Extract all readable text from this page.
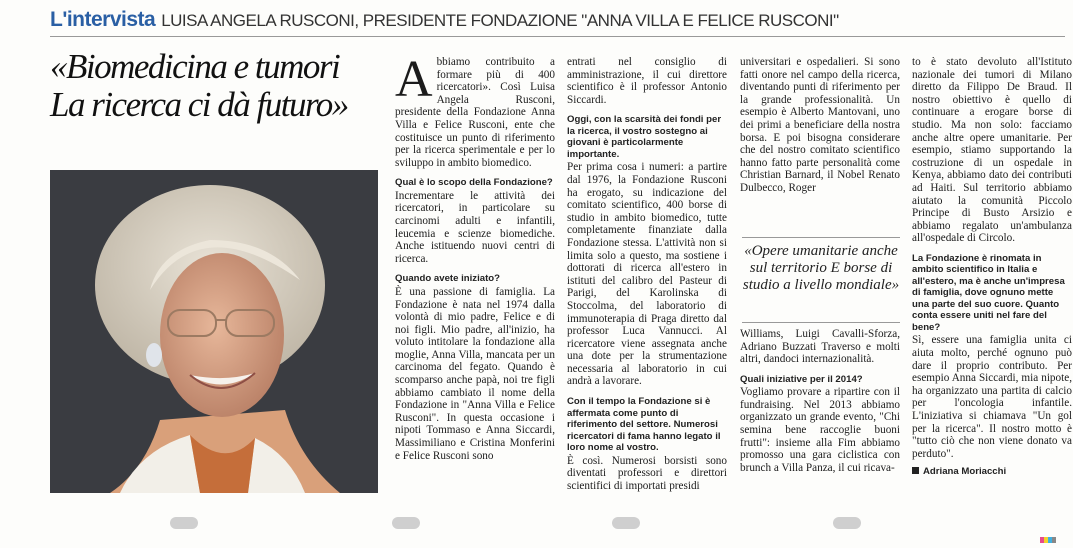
L'intervista LUISA ANGELA RUSCONI, PRESIDENTE FONDAZIONE "ANNA VILLA E FELICE RUSCONI"
«Biomedicina e tumori
La ricerca ci dà futuro» Abbiamo contribuito a formare più di 400 ricercatori». Così Luisa Angela Rusconi, presidente della Fondazione Anna Villa e Felice Rusconi, ente che costituisce un punto di riferimento per la ricerca sperimentale e per lo sviluppo in ambito biomedico.

Qual è lo scopo della Fondazione?

Incrementare le attività dei ricercatori, in particolare su carcinomi adulti e infantili, leucemia e scienze biomediche. Anche istituendo nuovi centri di ricerca.

Quando avete iniziato?

È una passione di famiglia. La Fondazione è nata nel 1974 dalla volontà di mio padre, Felice e di noi figli. Mio padre, all'inizio, ha voluto intitolare la fondazione alla moglie, Anna Villa, mancata per un carcinoma del fegato. Quando è scomparso anche papà, noi tre figli abbiamo cambiato il nome della Fondazione in "Anna Villa e Felice Rusconi". In questa occasione i nipoti Tommaso e Anna Siccardi, Massimiliano e Cristina Monferini e Felice Rusconi sono

entrati nel consiglio di amministrazione, il cui direttore scientifico è il professor Antonio Siccardi.

Oggi, con la scarsità dei fondi per la ricerca, il vostro sostegno ai giovani è particolarmente importante.

Per prima cosa i numeri: a partire dal 1976, la Fondazione Rusconi ha erogato, su indicazione del comitato scientifico, 400 borse di studio in ambito biomedico, tutte completamente finanziate dalla Fondazione stessa. L'attività non si limita solo a questo, ma sostiene i dottorati di ricerca all'estero in istituti del calibro del Pasteur di Parigi, del Karolinska di Stoccolma, del laboratorio di immunoterapia di Praga diretto dal professor Luca Vannucci. Al ricercatore viene assegnata anche una dote per la strumentazione necessaria al laboratorio in cui andrà a lavorare.

Con il tempo la Fondazione si è affermata come punto di riferimento del settore. Numerosi ricercatori di fama hanno legato il loro nome al vostro.

È così. Numerosi borsisti sono diventati professori e direttori scientifici di importati presidi

universitari e ospedalieri. Si sono fatti onore nel campo della ricerca, diventando punti di riferimento per la grande professionalità. Un esempio è Alberto Mantovani, uno dei primi a beneficiare della nostra borsa. E poi bisogna considerare che del nostro comitato scientifico hanno fatto parte personalità come Christian Barnard, il Nobel Renato Dulbecco, Roger

«Opere umanitarie anche sul territorio E borse di studio a livello mondiale»

Williams, Luigi Cavalli-Sforza, Adriano Buzzati Traverso e molti altri, dandoci internazionalità.

Quali iniziative per il 2014?

Vogliamo provare a ripartire con il fundraising. Nel 2013 abbiamo organizzato un grande evento, "Chi semina bene raccoglie buoni frutti": insieme alla Fim abbiamo promosso una gara ciclistica con brunch a Villa Panza, il cui ricava-

to è stato devoluto all'Istituto nazionale dei tumori di Milano diretto da Filippo De Braud. Il nostro obiettivo è quello di continuare a erogare borse di studio. Ma non solo: facciamo anche altre opere umanitarie. Per esempio, stiamo supportando la costruzione di un ospedale in Kenya, abbiamo dato dei contributi ad Haiti. Sul territorio abbiamo aiutato la comunità Piccolo Principe di Busto Arsizio e abbiamo regalato un'ambulanza all'ospedale di Circolo.

La Fondazione è rinomata in ambito scientifico in Italia e all'estero, ma è anche un'impresa di famiglia, dove ognuno mette una parte del suo cuore. Quanto conta essere uniti nel fare del bene?

Sì, essere una famiglia unita ci aiuta molto, perché ognuno può dare il proprio contributo. Per esempio Anna Siccardi, mia nipote, ha organizzato una partita di calcio per l'oncologia infantile. L'iniziativa si chiamava "Un gol per la ricerca". Il nostro motto è "tutto ciò che non viene donato va perduto".

Adriana Moriacchi
